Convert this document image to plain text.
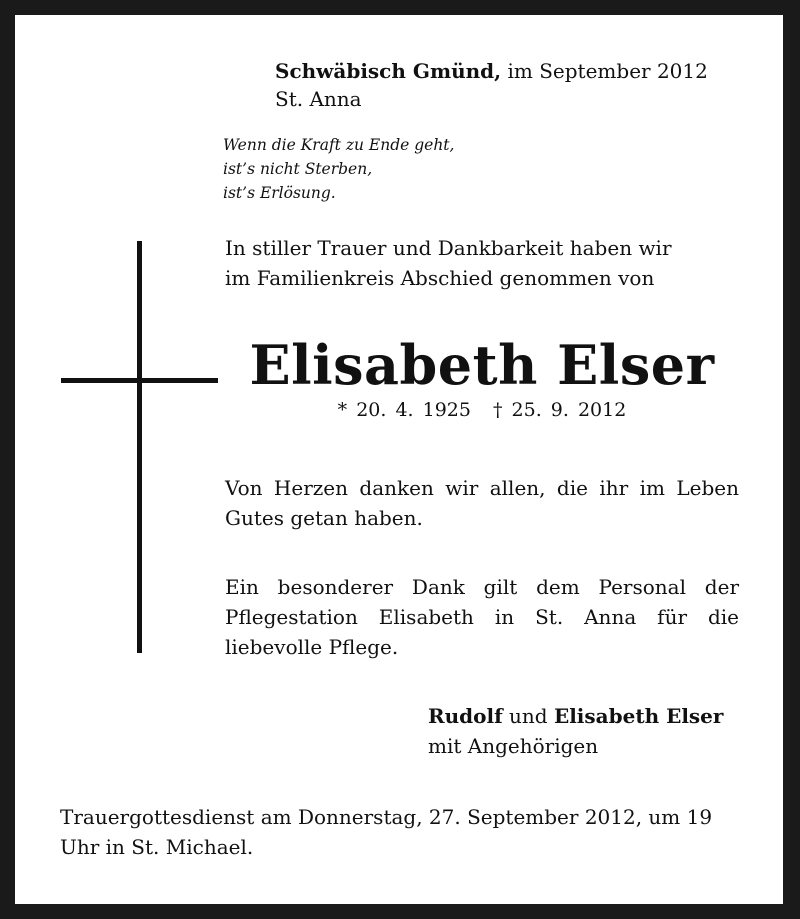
Schwäbisch Gmünd, im September 2012
St. Anna
Wenn die Kraft zu Ende geht,
ist’s nicht Sterben,
ist’s Erlösung.
In stiller Trauer und Dankbarkeit haben wir
im Familienkreis Abschied genommen von
Elisabeth Elser
* 20. 4. 1925 † 25. 9. 2012
Von Herzen danken wir allen, die ihr im Leben Gutes getan haben.
Ein besonderer Dank gilt dem Personal der Pflegestation Elisabeth in St. Anna für die liebevolle Pflege.
Rudolf und Elisabeth Elser
mit Angehörigen
Trauergottesdienst am Donnerstag, 27. September 2012, um 19 Uhr in St. Michael.
